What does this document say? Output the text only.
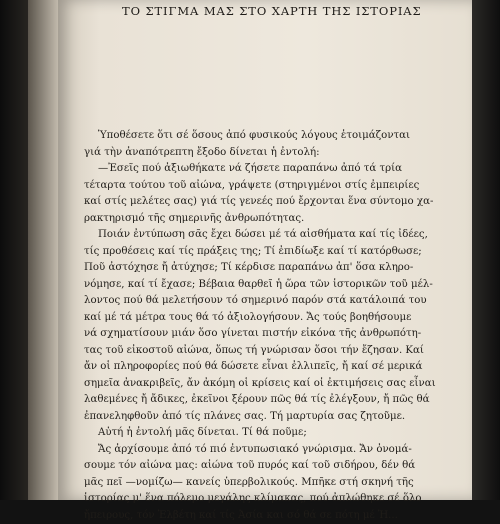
ΤΟ ΣΤΙΓΜΑ ΜΑΣ ΣΤΟ ΧΑΡΤΗ ΤΗΣ ΙΣΤΟΡΙΑΣ

Ὑποθέσετε ὅτι σέ ὅσους ἀπό φυσικούς λόγους ἑτοιμάζονται

γιά τὴν ἀναπότρεπτη ἔξοδο δίνεται ἡ ἐντολή:

—Ἐσεῖς πού ἀξιωθήκατε νά ζήσετε παραπάνω ἀπό τά τρία

τέταρτα τούτου τοῦ αἰώνα, γράψετε (στηριγμένοι στίς ἐμπειρίες

καί στίς μελέτες σας) γιά τίς γενεές πού ἔρχονται ἕνα σύντομο χα-

ρακτηρισμό τῆς σημερινῆς ἀνθρωπότητας.

Ποιάν ἐντύπωση σᾶς ἔχει δώσει μέ τά αἰσθήματα καί τίς ἰδέες,

τίς προθέσεις καί τίς πράξεις της; Τί ἐπιδίωξε καί τί κατόρθωσε;

Ποῦ ἀστόχησε ἤ ἀτύχησε; Τί κέρδισε παραπάνω ἀπ' ὅσα κληρο-

νόμησε, καί τί ἔχασε; Βέβαια θαρθεῖ ἡ ὥρα τῶν ἱστορικῶν τοῦ μέλ-

λοντος πού θά μελετήσουν τό σημερινό παρόν στά κατάλοιπά του

καί μέ τά μέτρα τους θά τό ἀξιολογήσουν. Ἄς τούς βοηθήσουμε

νά σχηματίσουν μιάν ὅσο γίνεται πιστήν εἰκόνα τῆς ἀνθρωπότη-

τας τοῦ εἰκοστοῦ αἰώνα, ὅπως τή γνώρισαν ὅσοι τήν ἔζησαν. Καί

ἄν οἱ πληροφορίες πού θά δώσετε εἶναι ἐλλιπεῖς, ἤ καί σέ μερικά

σημεῖα ἀνακριβεῖς, ἄν ἀκόμη οἱ κρίσεις καί οἱ ἐκτιμήσεις σας εἶναι

λαθεμένες ἤ ἄδικες, ἐκεῖνοι ξέρουν πῶς θά τίς ἐλέγξουν, ἤ πῶς θά

ἐπανεληφθοῦν ἀπό τίς πλάνες σας. Τή μαρτυρία σας ζητοῦμε.

Αὐτή ἡ ἐντολή μᾶς δίνεται. Τί θά ποῦμε;

Ἄς ἀρχίσουμε ἀπό τό πιό ἐντυπωσιακό γνώρισμα. Ἄν ὀνομά-

σουμε τόν αἰώνα μας: αἰώνα τοῦ πυρός καί τοῦ σιδήρου, δέν θά

μᾶς πεῖ —νομίζω— κανείς ὑπερβολικούς. Μπῆκε στή σκηνή τῆς

ἱστορίας μ' ἕνα πόλεμο μεγάλης κλίμακας, πού ἀπλώθηκε σέ ὅλο

ἤπειρους, τόν Ἐλβέτη καί τίς Ἀσία και σό θά σε πότη μέ Ἠ...
